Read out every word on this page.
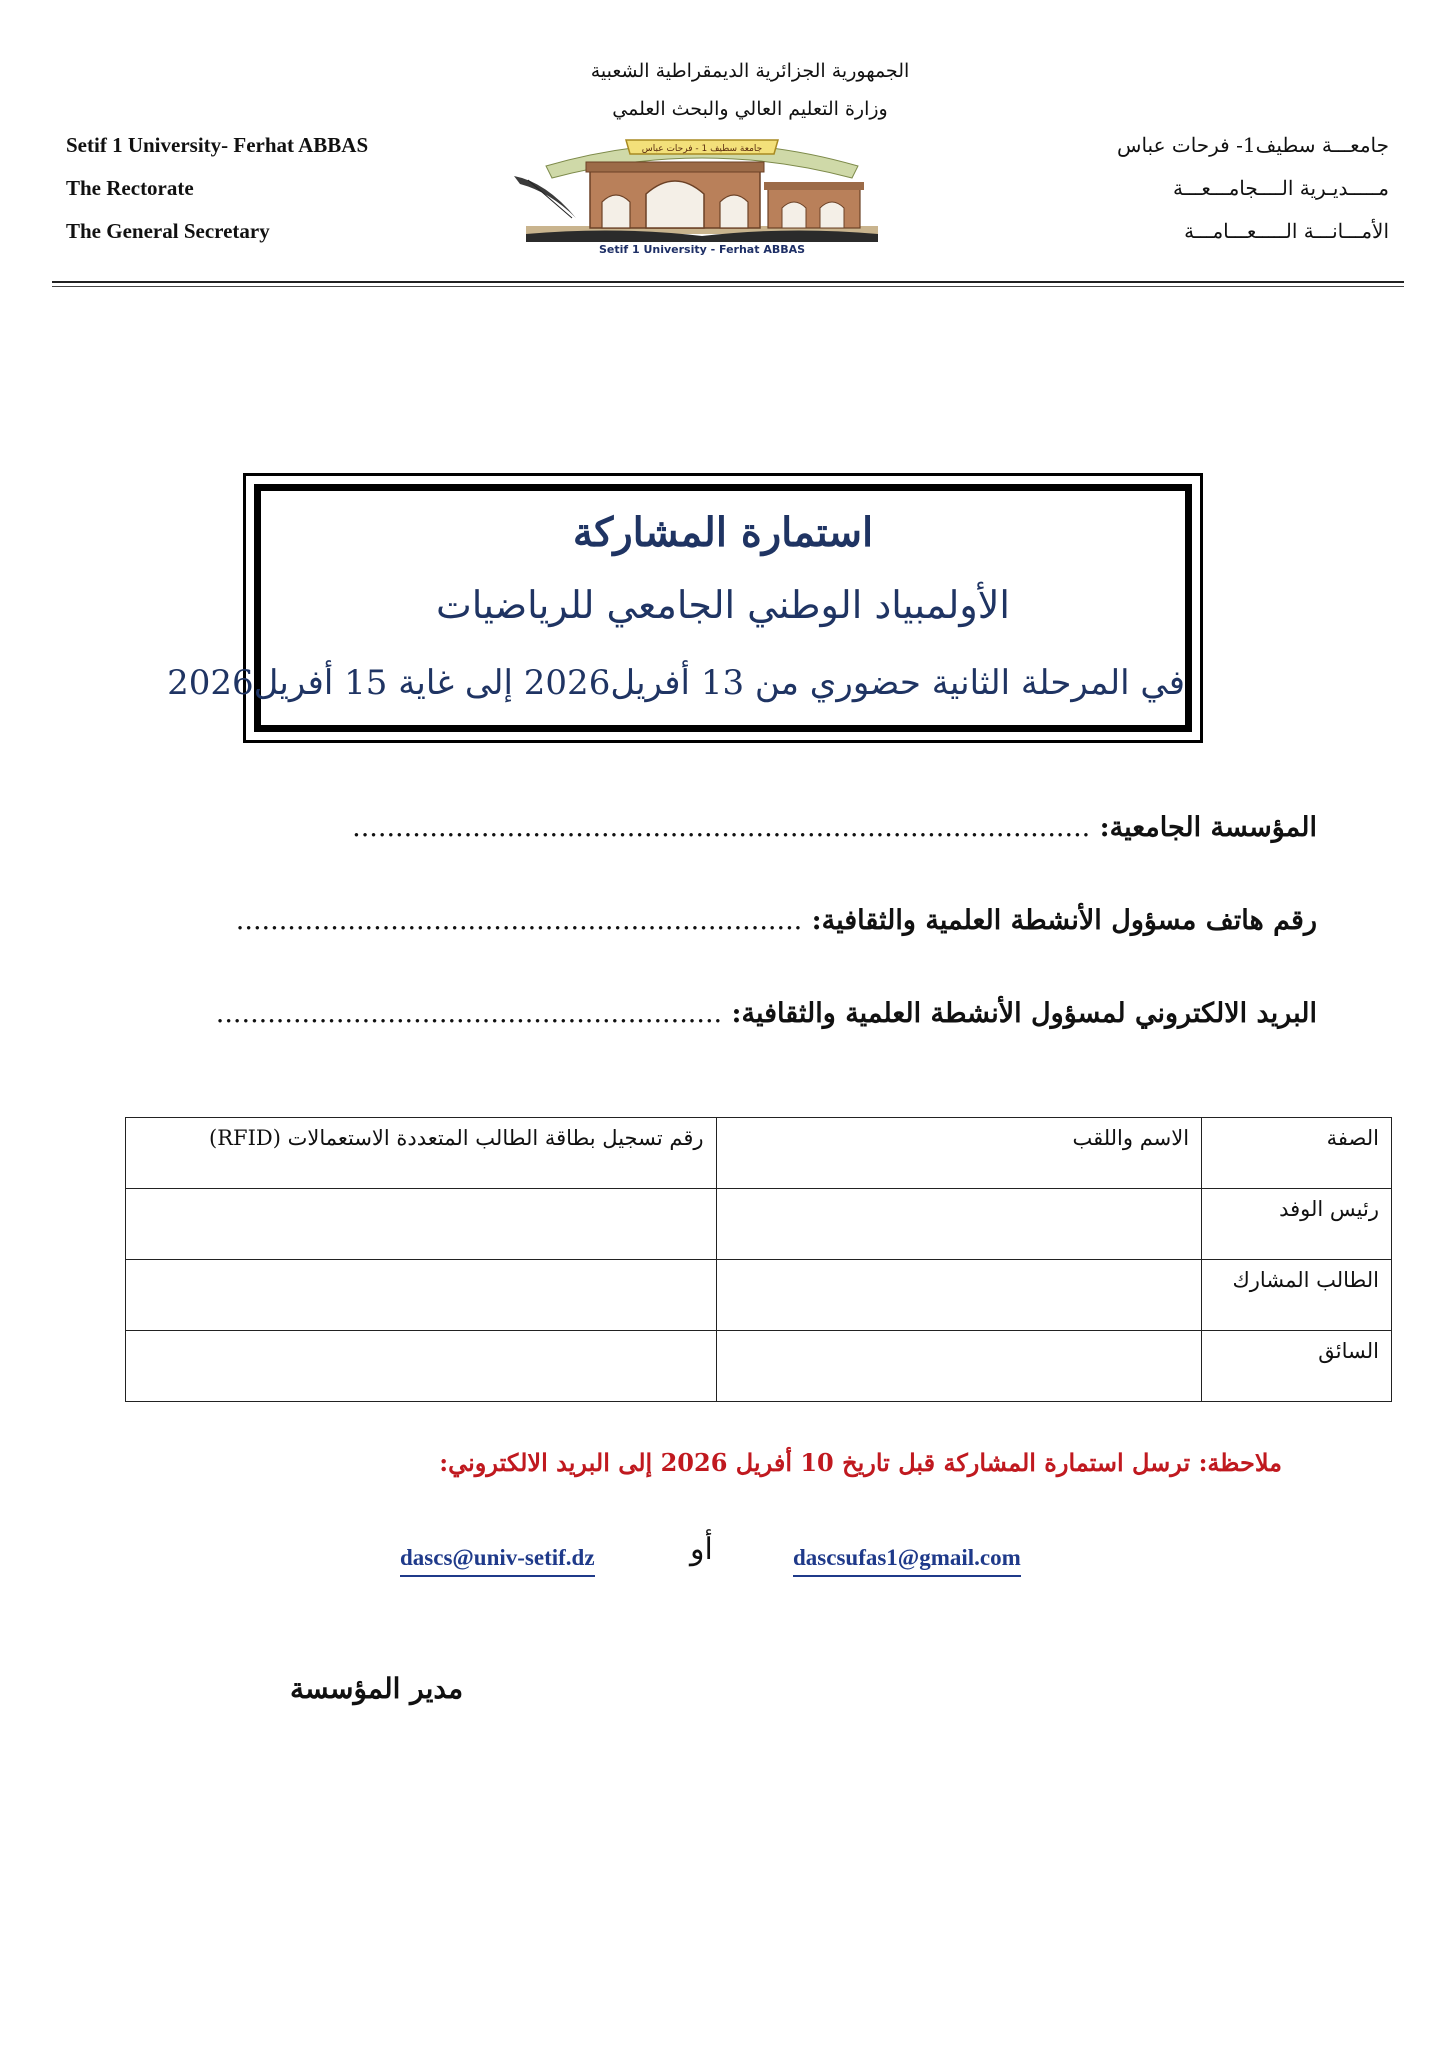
Setif 1 University- Ferhat ABBAS
The Rectorate
The General Secretary
الجمهورية الجزائرية الديمقراطية الشعبية
وزارة التعليم العالي والبحث العلمي
جامعـــة سطيف1- فرحات عباس
مـــــديـرية الــــجامـــعـــة
الأمـــانـــة الـــــعـــامـــة
جامعة سطيف 1 - فرحات عباس
Setif 1 University - Ferhat ABBAS
استمارة المشاركة
الأولمبياد الوطني الجامعي للرياضيات
في المرحلة الثانية حضوري من 13 أفريل2026 إلى غاية 15 أفريل2026
المؤسسة الجامعية: ......................................................................................
رقم هاتف مسؤول الأنشطة العلمية والثقافية: ..................................................................
البريد الالكتروني لمسؤول الأنشطة العلمية والثقافية: ...........................................................
الصفة	الاسم واللقب	رقم تسجيل بطاقة الطالب المتعددة الاستعمالات (RFID)
رئيس الوفد		
الطالب المشارك		
السائق		
ملاحظة: ترسل استمارة المشاركة قبل تاريخ 10 أفريل 2026 إلى البريد الالكتروني:
dascsufas1@gmail.com
أو
dascs@univ-setif.dz
مدير المؤسسة
